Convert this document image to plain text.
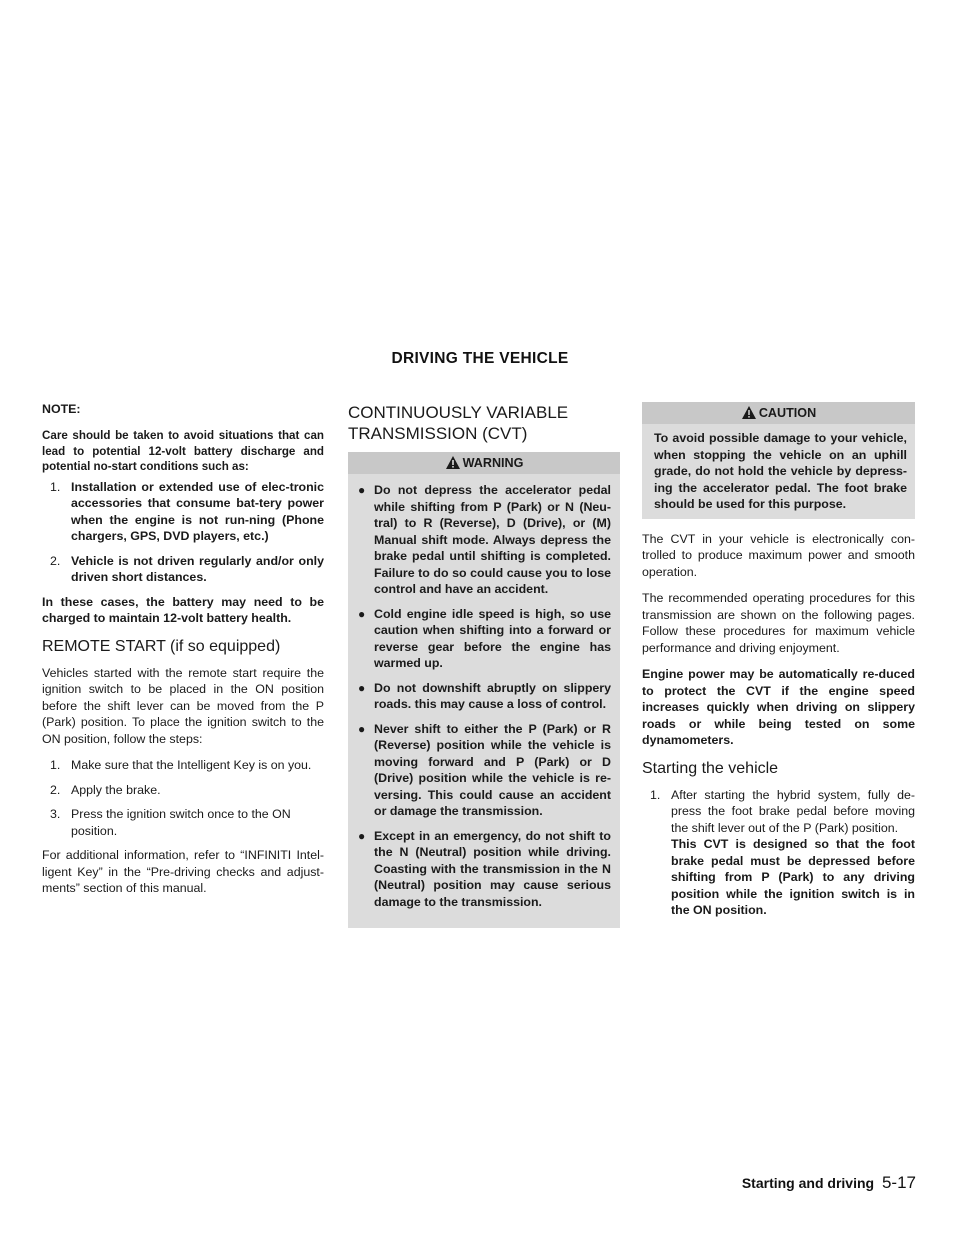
DRIVING THE VEHICLE
NOTE:

Care should be taken to avoid situations that can lead to potential 12-volt battery discharge and potential no-start conditions such as:

1. Installation or extended use of elec-tronic accessories that consume bat-tery power when the engine is not run-ning (Phone chargers, GPS, DVD players, etc.)
2. Vehicle is not driven regularly and/or only driven short distances.

In these cases, the battery may need to be charged to maintain 12-volt battery health.

REMOTE START (if so equipped)

Vehicles started with the remote start require the ignition switch to be placed in the ON position before the shift lever can be moved from the P (Park) position. To place the ignition switch to the ON position, follow the steps:

1. Make sure that the Intelligent Key is on you.
2. Apply the brake.
3. Press the ignition switch once to the ON position.

For additional information, refer to “INFINITI Intel-ligent Key” in the “Pre-driving checks and adjust-ments” section of this manual.

CONTINUOUSLY VARIABLE TRANSMISSION (CVT)
WARNING
● Do not depress the accelerator pedal while shifting from P (Park) or N (Neu-tral) to R (Reverse), D (Drive), or (M) Manual shift mode. Always depress the brake pedal until shifting is completed. Failure to do so could cause you to lose control and have an accident.
● Cold engine idle speed is high, so use caution when shifting into a forward or reverse gear before the engine has warmed up.
● Do not downshift abruptly on slippery roads. this may cause a loss of control.
● Never shift to either the P (Park) or R (Reverse) position while the vehicle is moving forward and P (Park) or D (Drive) position while the vehicle is re-versing. This could cause an accident or damage the transmission.
● Except in an emergency, do not shift to the N (Neutral) position while driving. Coasting with the transmission in the N (Neutral) position may cause serious damage to the transmission.
CAUTION

To avoid possible damage to your vehicle, when stopping the vehicle on an uphill grade, do not hold the vehicle by depress-ing the accelerator pedal. The foot brake should be used for this purpose.

The CVT in your vehicle is electronically con-trolled to produce maximum power and smooth operation.

The recommended operating procedures for this transmission are shown on the following pages. Follow these procedures for maximum vehicle performance and driving enjoyment.

Engine power may be automatically re-duced to protect the CVT if the engine speed increases quickly when driving on slippery roads or while being tested on some dynamometers.

Starting the vehicle
1. After starting the hybrid system, fully de-press the foot brake pedal before moving the shift lever out of the P (Park) position.
This CVT is designed so that the foot brake pedal must be depressed before shifting from P (Park) to any driving position while the ignition switch is in the ON position.
Starting and driving 5-17
